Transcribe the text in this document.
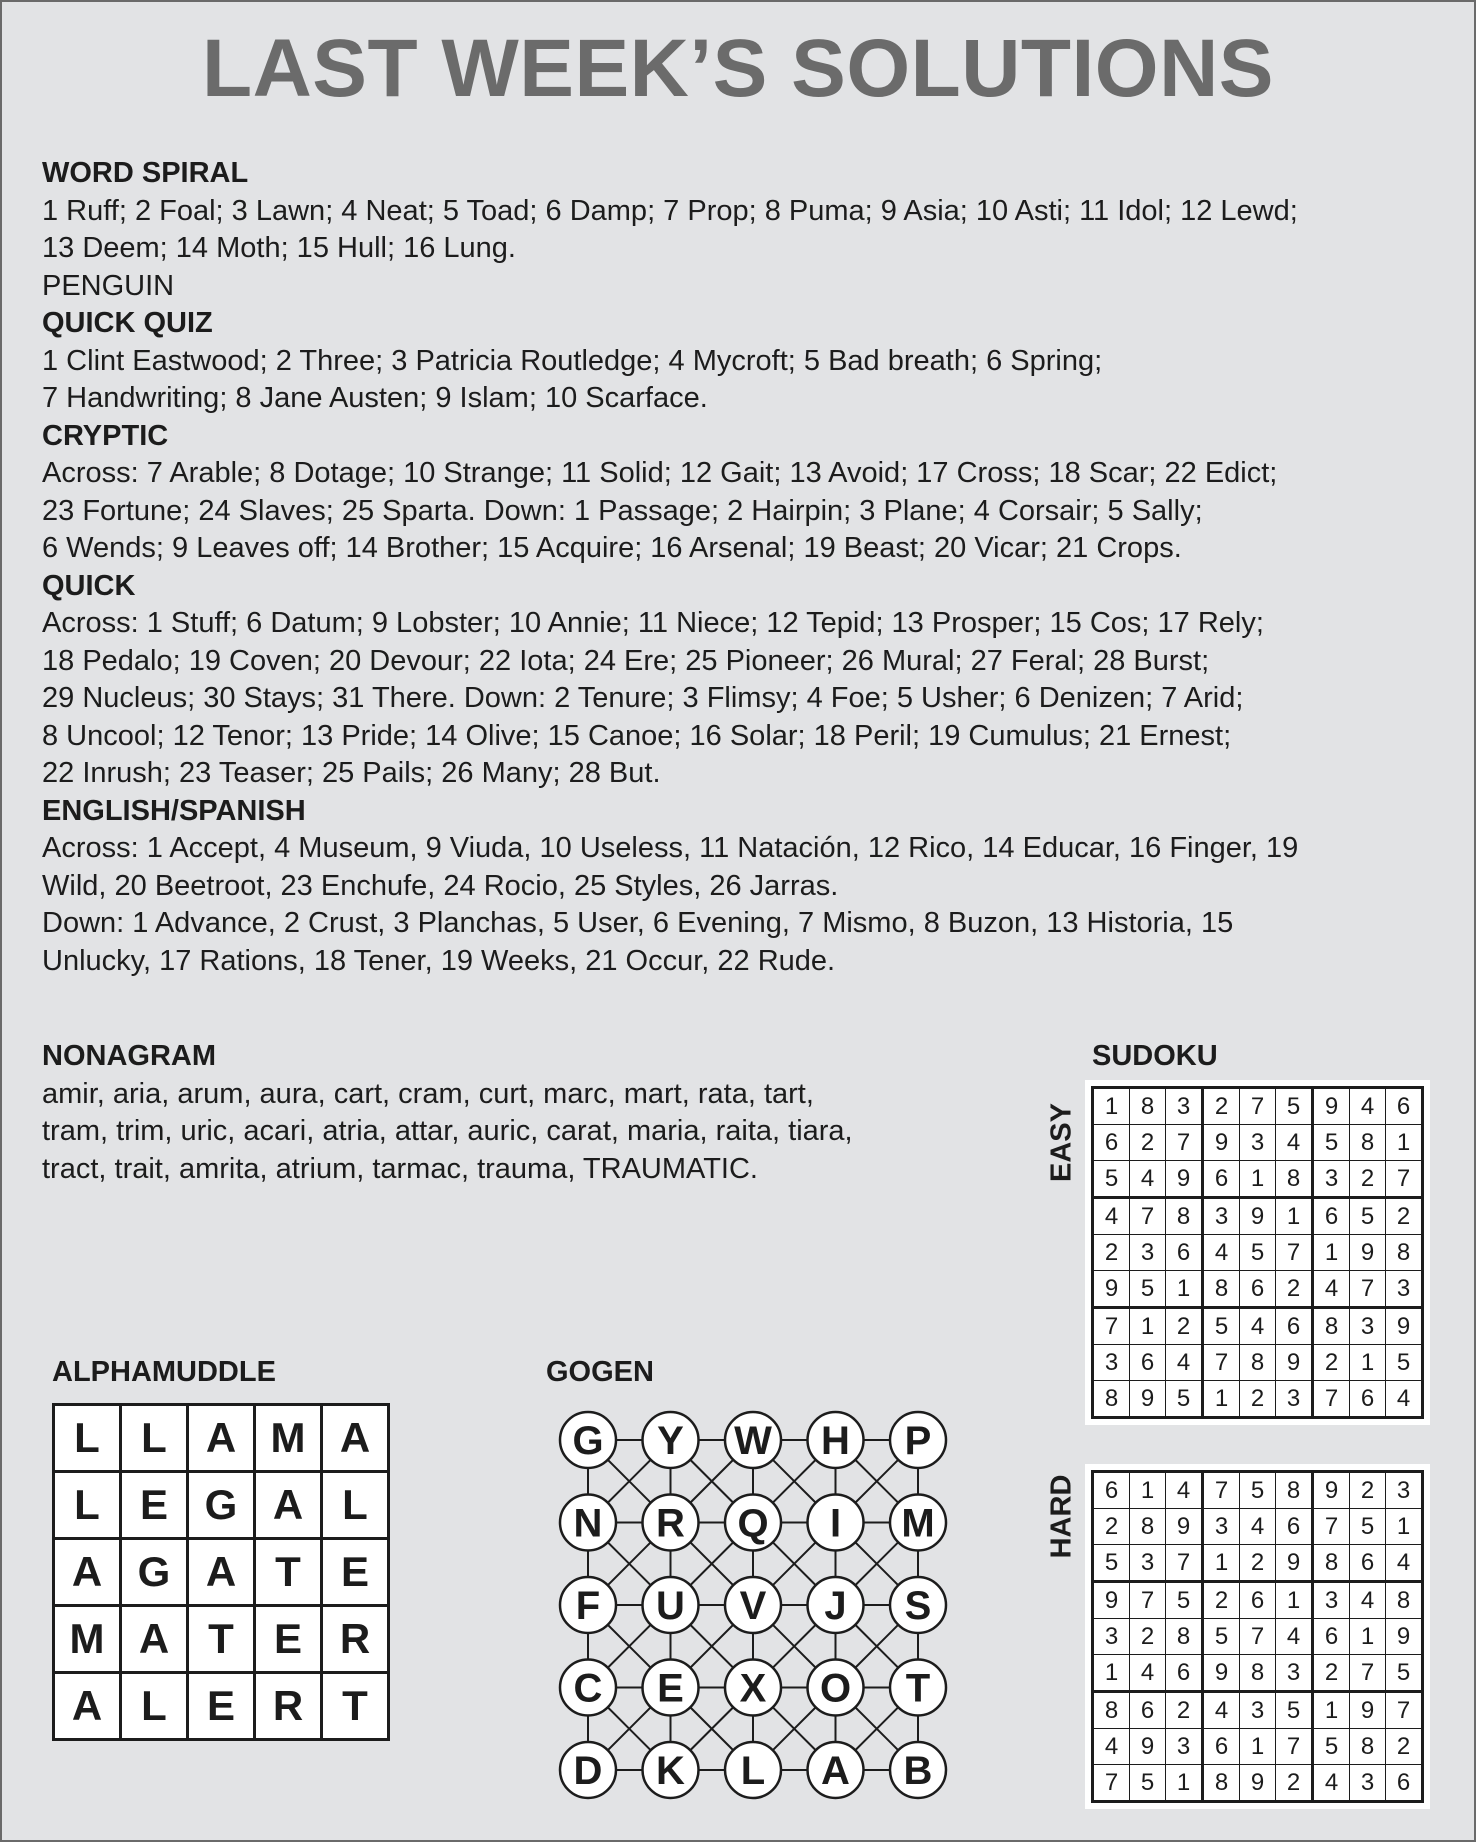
LAST WEEK’S SOLUTIONS
WORD SPIRAL

1 Ruff; 2 Foal; 3 Lawn; 4 Neat; 5 Toad; 6 Damp; 7 Prop; 8 Puma; 9 Asia; 10 Asti; 11 Idol; 12 Lewd;

13 Deem; 14 Moth; 15 Hull; 16 Lung.

PENGUIN

QUICK QUIZ

1 Clint Eastwood; 2 Three; 3 Patricia Routledge; 4 Mycroft; 5 Bad breath; 6 Spring;

7 Handwriting; 8 Jane Austen; 9 Islam; 10 Scarface.

CRYPTIC

Across: 7 Arable; 8 Dotage; 10 Strange; 11 Solid; 12 Gait; 13 Avoid; 17 Cross; 18 Scar; 22 Edict;

23 Fortune; 24 Slaves; 25 Sparta. Down: 1 Passage; 2 Hairpin; 3 Plane; 4 Corsair; 5 Sally;

6 Wends; 9 Leaves off; 14 Brother; 15 Acquire; 16 Arsenal; 19 Beast; 20 Vicar; 21 Crops.

QUICK

Across: 1 Stuff; 6 Datum; 9 Lobster; 10 Annie; 11 Niece; 12 Tepid; 13 Prosper; 15 Cos; 17 Rely;

18 Pedalo; 19 Coven; 20 Devour; 22 Iota; 24 Ere; 25 Pioneer; 26 Mural; 27 Feral; 28 Burst;

29 Nucleus; 30 Stays; 31 There. Down: 2 Tenure; 3 Flimsy; 4 Foe; 5 Usher; 6 Denizen; 7 Arid;

8 Uncool; 12 Tenor; 13 Pride; 14 Olive; 15 Canoe; 16 Solar; 18 Peril; 19 Cumulus; 21 Ernest;

22 Inrush; 23 Teaser; 25 Pails; 26 Many; 28 But.

ENGLISH/SPANISH

Across: 1 Accept, 4 Museum, 9 Viuda, 10 Useless, 11 Natación, 12 Rico, 14 Educar, 16 Finger, 19

Wild, 20 Beetroot, 23 Enchufe, 24 Rocio, 25 Styles, 26 Jarras.

Down: 1 Advance, 2 Crust, 3 Planchas, 5 User, 6 Evening, 7 Mismo, 8 Buzon, 13 Historia, 15

Unlucky, 17 Rations, 18 Tener, 19 Weeks, 21 Occur, 22 Rude.

NONAGRAM

amir, aria, arum, aura, cart, cram, curt, marc, mart, rata, tart,

tram, trim, uric, acari, atria, attar, auric, carat, maria, raita, tiara,

tract, trait, amrita, atrium, tarmac, trauma, TRAUMATIC.

SUDOKU
EASY
HARD
1	8	3	2	7	5	9	4	6
6	2	7	9	3	4	5	8	1
5	4	9	6	1	8	3	2	7
4	7	8	3	9	1	6	5	2
2	3	6	4	5	7	1	9	8
9	5	1	8	6	2	4	7	3
7	1	2	5	4	6	8	3	9
3	6	4	7	8	9	2	1	5
8	9	5	1	2	3	7	6	4
6	1	4	7	5	8	9	2	3
2	8	9	3	4	6	7	5	1
5	3	7	1	2	9	8	6	4
9	7	5	2	6	1	3	4	8
3	2	8	5	7	4	6	1	9
1	4	6	9	8	3	2	7	5
8	6	2	4	3	5	1	9	7
4	9	3	6	1	7	5	8	2
7	5	1	8	9	2	4	3	6
ALPHAMUDDLE
L	L	A	M	A
L	E	G	A	L
A	G	A	T	E
M	A	T	E	R
A	L	E	R	T
GOGEN
G Y W H P
N R Q I M
F U V J S
C E X O T
D K L A B
